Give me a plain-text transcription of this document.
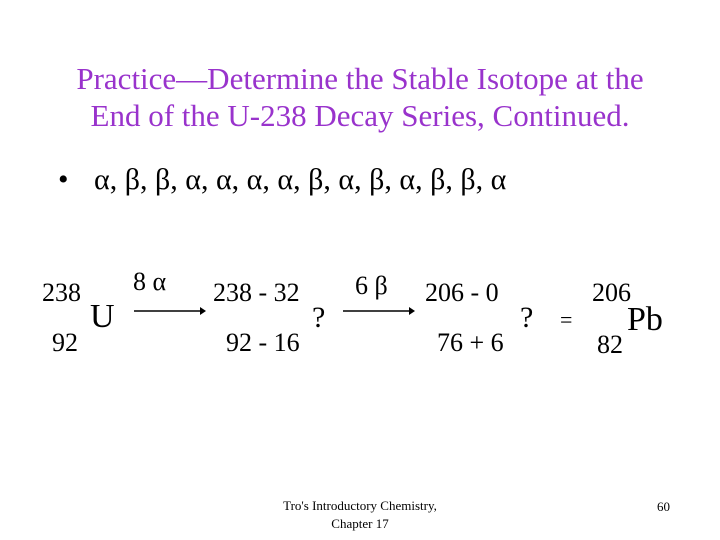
Practice—Determine the Stable Isotope at the
End of the U-238 Decay Series, Continued.
• α, β, β, α, α, α, α, β, α, β, α, β, β, α
238
92
U
8 α 238 - 32
92 - 16
?
6 β 206 - 0
76 + 6
? =
206
82
Pb
Tro's Introductory Chemistry,
Chapter 17
60
